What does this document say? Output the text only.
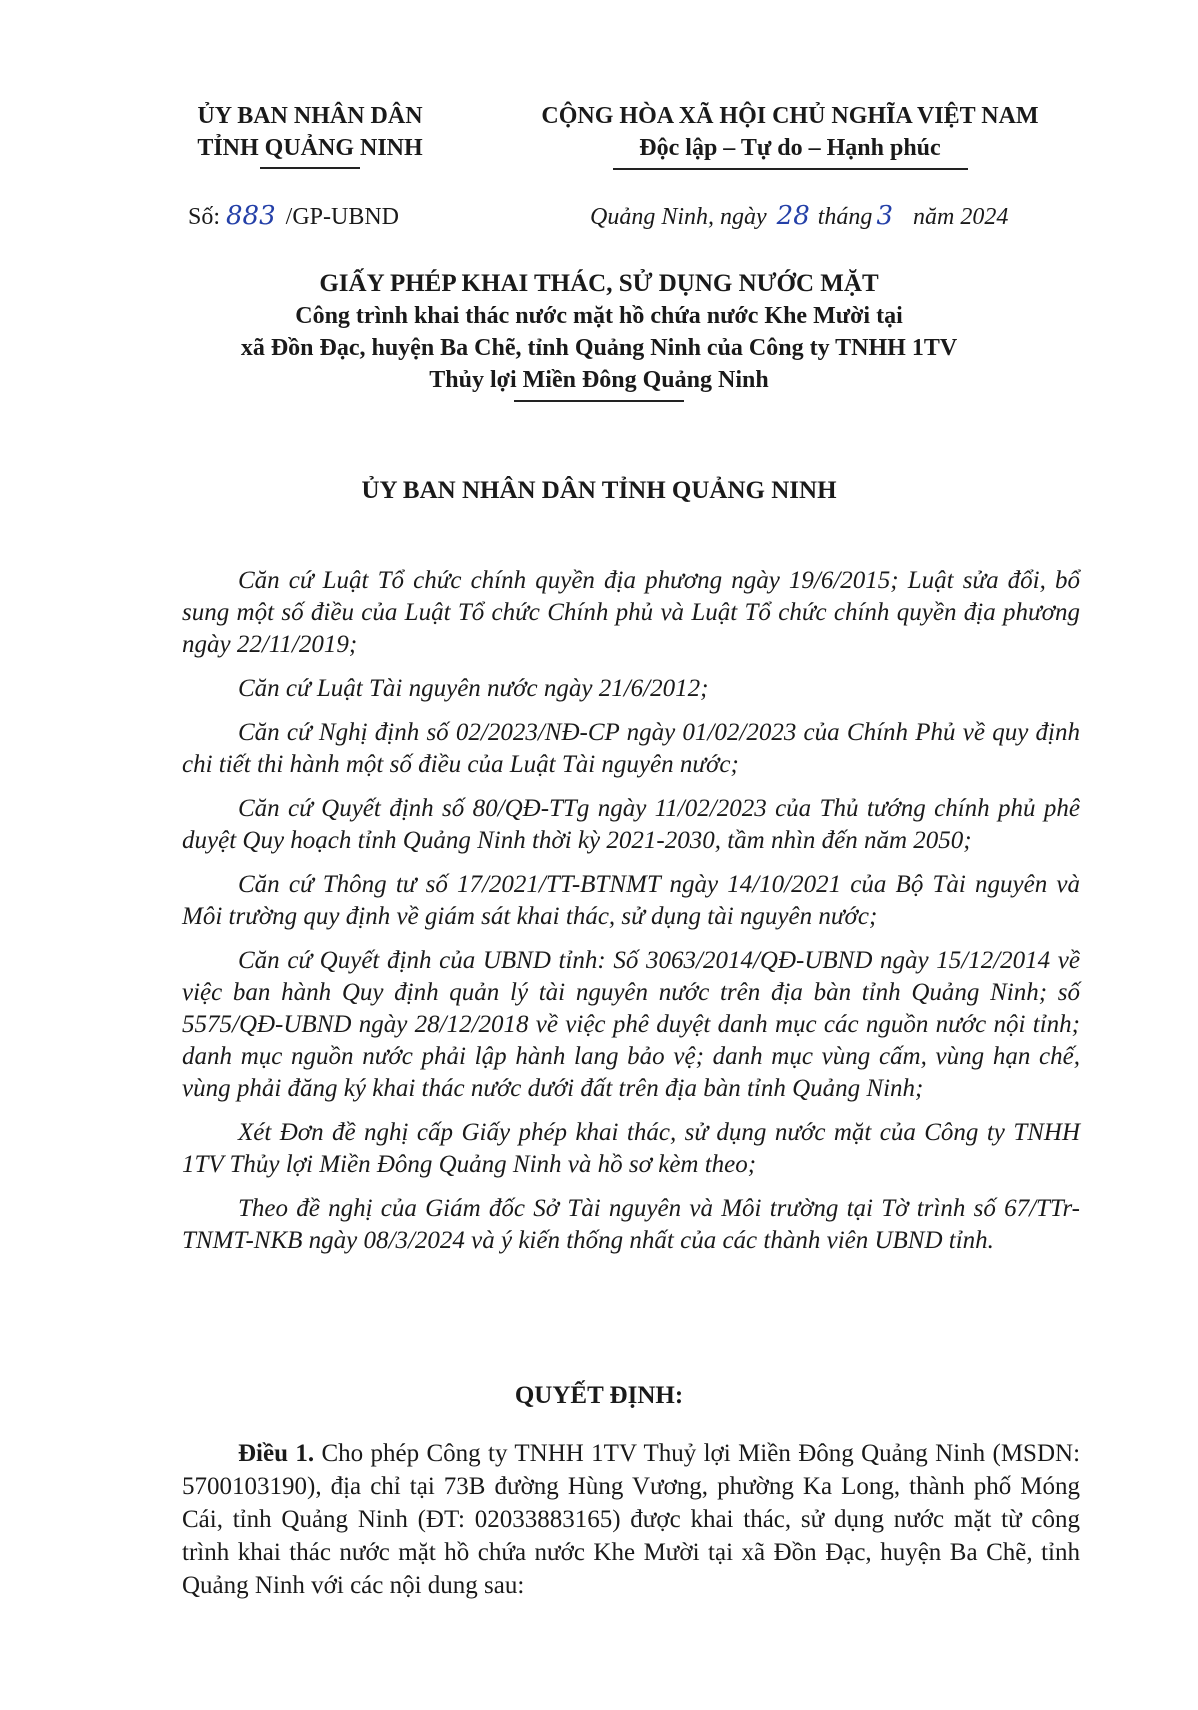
ỦY BAN NHÂN DÂN
TỈNH QUẢNG NINH
CỘNG HÒA XÃ HỘI CHỦ NGHĨA VIỆT NAM
Độc lập – Tự do – Hạnh phúc
Số: 883 /GP-UBND	Quảng Ninh, ngày 28 tháng 3 năm 2024
GIẤY PHÉP KHAI THÁC, SỬ DỤNG NƯỚC MẶT
Công trình khai thác nước mặt hồ chứa nước Khe Mười tại
xã Đồn Đạc, huyện Ba Chẽ, tỉnh Quảng Ninh của Công ty TNHH 1TV
Thủy lợi Miền Đông Quảng Ninh
ỦY BAN NHÂN DÂN TỈNH QUẢNG NINH

Căn cứ Luật Tổ chức chính quyền địa phương ngày 19/6/2015; Luật sửa đổi, bổ sung một số điều của Luật Tổ chức Chính phủ và Luật Tổ chức chính quyền địa phương ngày 22/11/2019;

Căn cứ Luật Tài nguyên nước ngày 21/6/2012;

Căn cứ Nghị định số 02/2023/NĐ-CP ngày 01/02/2023 của Chính Phủ về quy định chi tiết thi hành một số điều của Luật Tài nguyên nước;

Căn cứ Quyết định số 80/QĐ-TTg ngày 11/02/2023 của Thủ tướng chính phủ phê duyệt Quy hoạch tỉnh Quảng Ninh thời kỳ 2021-2030, tầm nhìn đến năm 2050;

Căn cứ Thông tư số 17/2021/TT-BTNMT ngày 14/10/2021 của Bộ Tài nguyên và Môi trường quy định về giám sát khai thác, sử dụng tài nguyên nước;

Căn cứ Quyết định của UBND tỉnh: Số 3063/2014/QĐ-UBND ngày 15/12/2014 về việc ban hành Quy định quản lý tài nguyên nước trên địa bàn tỉnh Quảng Ninh; số 5575/QĐ-UBND ngày 28/12/2018 về việc phê duyệt danh mục các nguồn nước nội tỉnh; danh mục nguồn nước phải lập hành lang bảo vệ; danh mục vùng cấm, vùng hạn chế, vùng phải đăng ký khai thác nước dưới đất trên địa bàn tỉnh Quảng Ninh;

Xét Đơn đề nghị cấp Giấy phép khai thác, sử dụng nước mặt của Công ty TNHH 1TV Thủy lợi Miền Đông Quảng Ninh và hồ sơ kèm theo;

Theo đề nghị của Giám đốc Sở Tài nguyên và Môi trường tại Tờ trình số 67/TTr-TNMT-NKB ngày 08/3/2024 và ý kiến thống nhất của các thành viên UBND tỉnh.

QUYẾT ĐỊNH:

Điều 1. Cho phép Công ty TNHH 1TV Thuỷ lợi Miền Đông Quảng Ninh (MSDN: 5700103190), địa chỉ tại 73B đường Hùng Vương, phường Ka Long, thành phố Móng Cái, tỉnh Quảng Ninh (ĐT: 02033883165) được khai thác, sử dụng nước mặt từ công trình khai thác nước mặt hồ chứa nước Khe Mười tại xã Đồn Đạc, huyện Ba Chẽ, tỉnh Quảng Ninh với các nội dung sau:
